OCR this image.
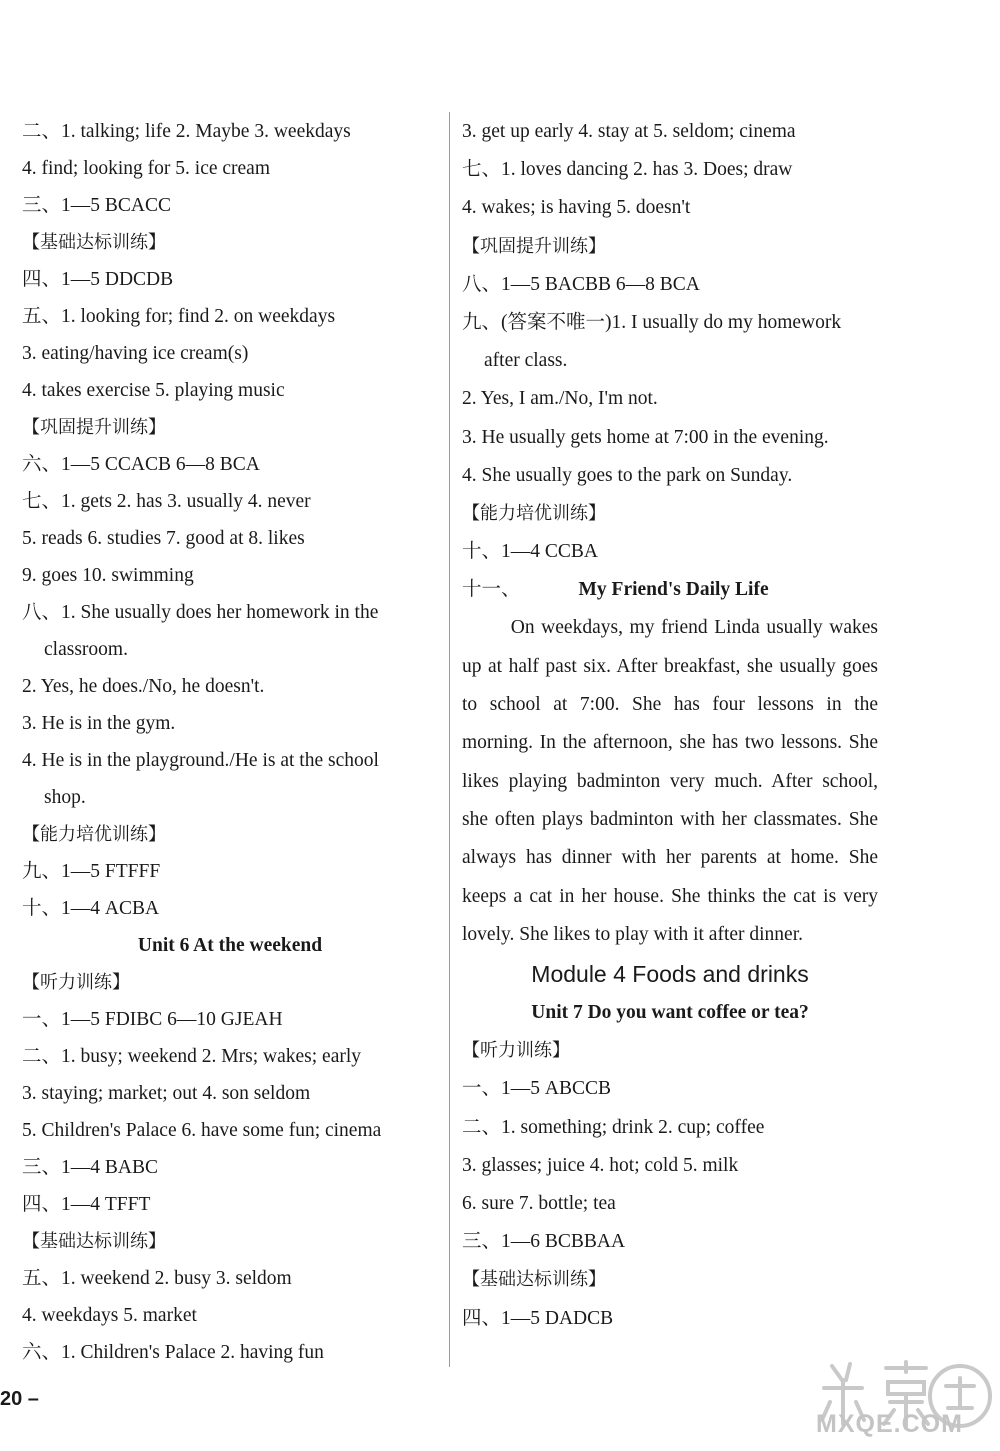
二、1. talking; life 2. Maybe 3. weekdays
4. find; looking for 5. ice cream
三、1—5 BCACC
【基础达标训练】
四、1—5 DDCDB
五、1. looking for; find 2. on weekdays
3. eating/having ice cream(s)
4. takes exercise 5. playing music
【巩固提升训练】
六、1—5 CCACB 6—8 BCA
七、1. gets 2. has 3. usually 4. never
5. reads 6. studies 7. good at 8. likes
9. goes 10. swimming
八、1. She usually does her homework in the
classroom.
2. Yes, he does./No, he doesn't.
3. He is in the gym.
4. He is in the playground./He is at the school
shop.
【能力培优训练】
九、1—5 FTFFF
十、1—4 ACBA
Unit 6 At the weekend
【听力训练】
一、1—5 FDIBC 6—10 GJEAH
二、1. busy; weekend 2. Mrs; wakes; early
3. staying; market; out 4. son seldom
5. Children's Palace 6. have some fun; cinema
三、1—4 BABC
四、1—4 TFFT
【基础达标训练】
五、1. weekend 2. busy 3. seldom
4. weekdays 5. market
六、1. Children's Palace 2. having fun
3. get up early 4. stay at 5. seldom; cinema
七、1. loves dancing 2. has 3. Does; draw
4. wakes; is having 5. doesn't
【巩固提升训练】
八、1—5 BACBB 6—8 BCA
九、(答案不唯一)1. I usually do my homework
after class.
2. Yes, I am./No, I'm not.
3. He usually gets home at 7:00 in the evening.
4. She usually goes to the park on Sunday.
【能力培优训练】
十、1—4 CCBA
十一、	My Friend's Daily Life

On weekdays, my friend Linda usually wakes up at half past six. After breakfast, she usually goes to school at 7:00. She has four lessons in the morning. In the afternoon, she has two lessons. She likes playing badminton very much. After school, she often plays badminton with her classmates. She always has dinner with her parents at home. She keeps a cat in her house. She thinks the cat is very lovely. She likes to play with it after dinner.

Module 4 Foods and drinks
Unit 7 Do you want coffee or tea?
【听力训练】
一、1—5 ABCCB
二、1. something; drink 2. cup; coffee
3. glasses; juice 4. hot; cold 5. milk
6. sure 7. bottle; tea
三、1—6 BCBBAA
【基础达标训练】
四、1—5 DADCB
20 –
MXQE.COM
